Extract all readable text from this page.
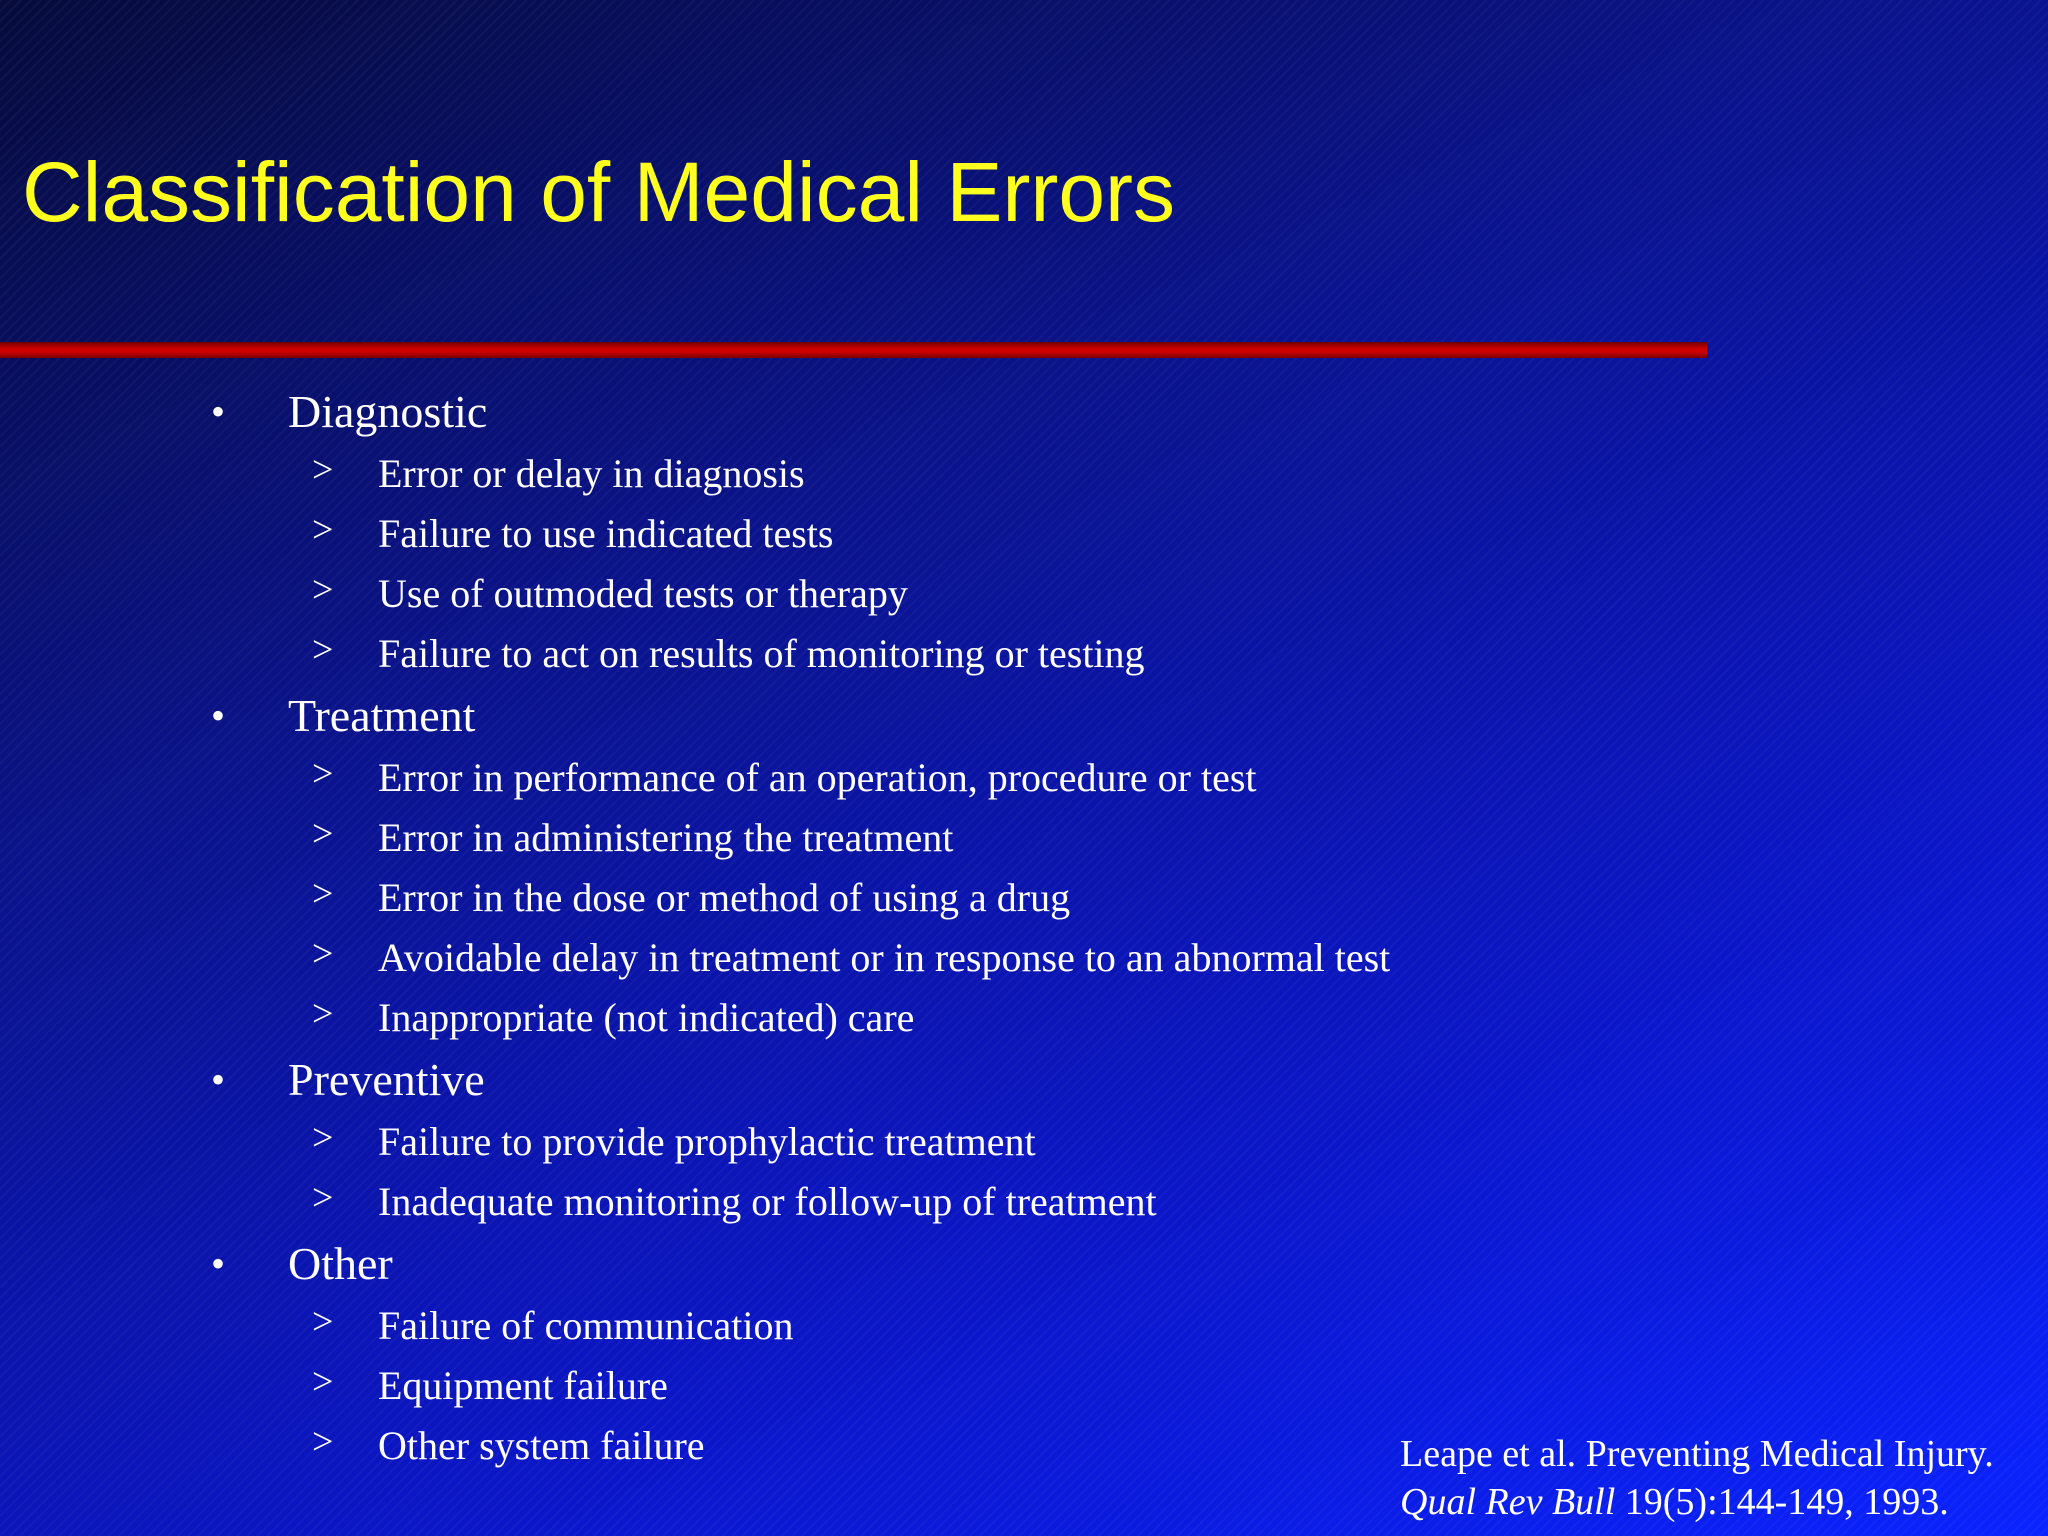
Classification of Medical Errors
• Diagnostic
> Error or delay in diagnosis
> Failure to use indicated tests
> Use of outmoded tests or therapy
> Failure to act on results of monitoring or testing
• Treatment
> Error in performance of an operation, procedure or test
> Error in administering the treatment
> Error in the dose or method of using a drug
> Avoidable delay in treatment or in response to an abnormal test
> Inappropriate (not indicated) care
• Preventive
> Failure to provide prophylactic treatment
> Inadequate monitoring or follow-up of treatment
• Other
> Failure of communication
> Equipment failure
> Other system failure	Leape et al. Preventing Medical Injury.
Qual Rev Bull 19(5):144-149, 1993.
